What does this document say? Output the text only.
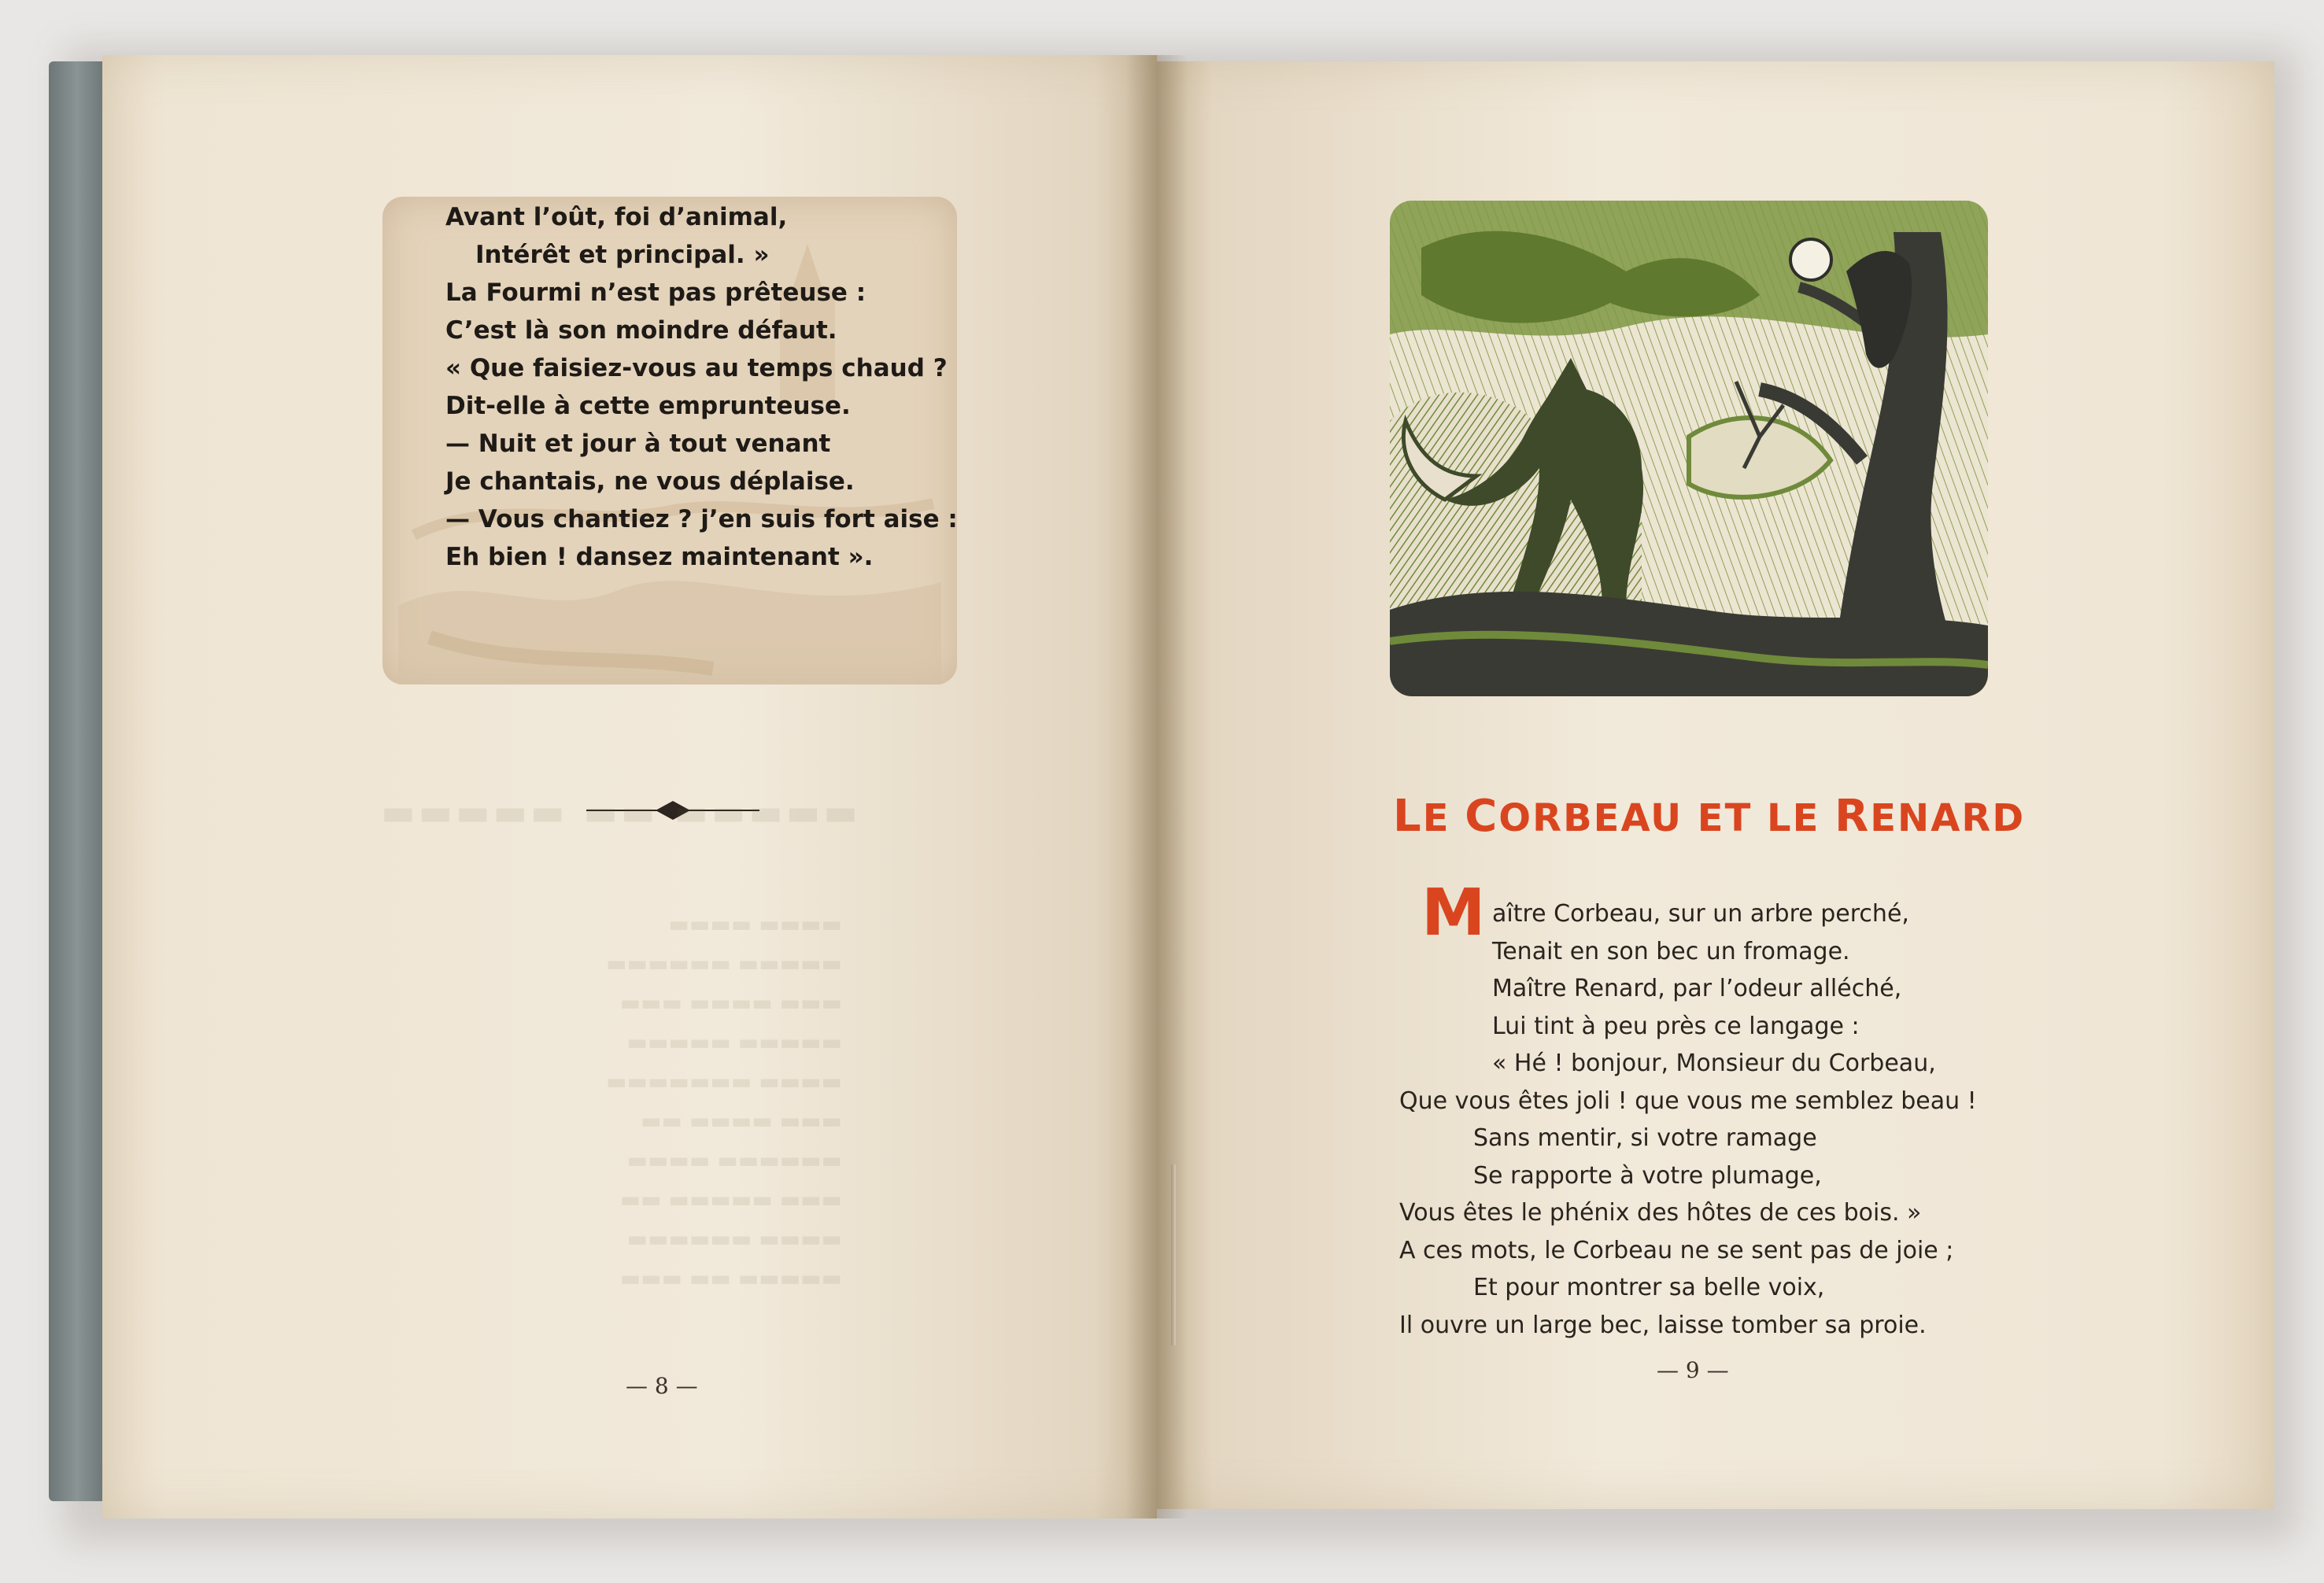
Avant l’oût, foi d’animal,
Intérêt et principal. »
La Fourmi n’est pas prêteuse :
C’est là son moindre défaut.
« Que faisiez-vous au temps chaud ?
Dit-elle à cette emprunteuse.
— Nuit et jour à tout venant
Je chantais, ne vous déplaise.
— Vous chantiez ? j’en suis fort aise :
Eh bien ! dansez maintenant ».
▬▬▬▬▬ ▬▬ ▬▬▬▬▬
▬▬▬▬ ▬▬▬▬
▬▬▬▬▬ ▬▬▬▬▬▬
▬▬▬ ▬▬▬▬ ▬▬▬
▬▬▬▬▬ ▬▬▬▬▬
▬▬▬▬ ▬▬▬▬▬▬▬
▬▬▬ ▬▬▬▬ ▬▬
▬▬▬▬▬▬ ▬▬▬▬
▬▬▬ ▬▬▬▬▬ ▬▬
▬▬▬▬ ▬▬▬▬▬▬
▬▬▬▬▬ ▬▬ ▬▬▬
— 8 —
LE CORBEAU ET LE RENARD
M aître Corbeau, sur un arbre perché,
Tenait en son bec un fromage.
Maître Renard, par l’odeur alléché,
Lui tint à peu près ce langage :
« Hé ! bonjour, Monsieur du Corbeau,
Que vous êtes joli ! que vous me semblez beau !
Sans mentir, si votre ramage
Se rapporte à votre plumage,
Vous êtes le phénix des hôtes de ces bois. »
A ces mots, le Corbeau ne se sent pas de joie ;
Et pour montrer sa belle voix,
Il ouvre un large bec, laisse tomber sa proie.
— 9 —
